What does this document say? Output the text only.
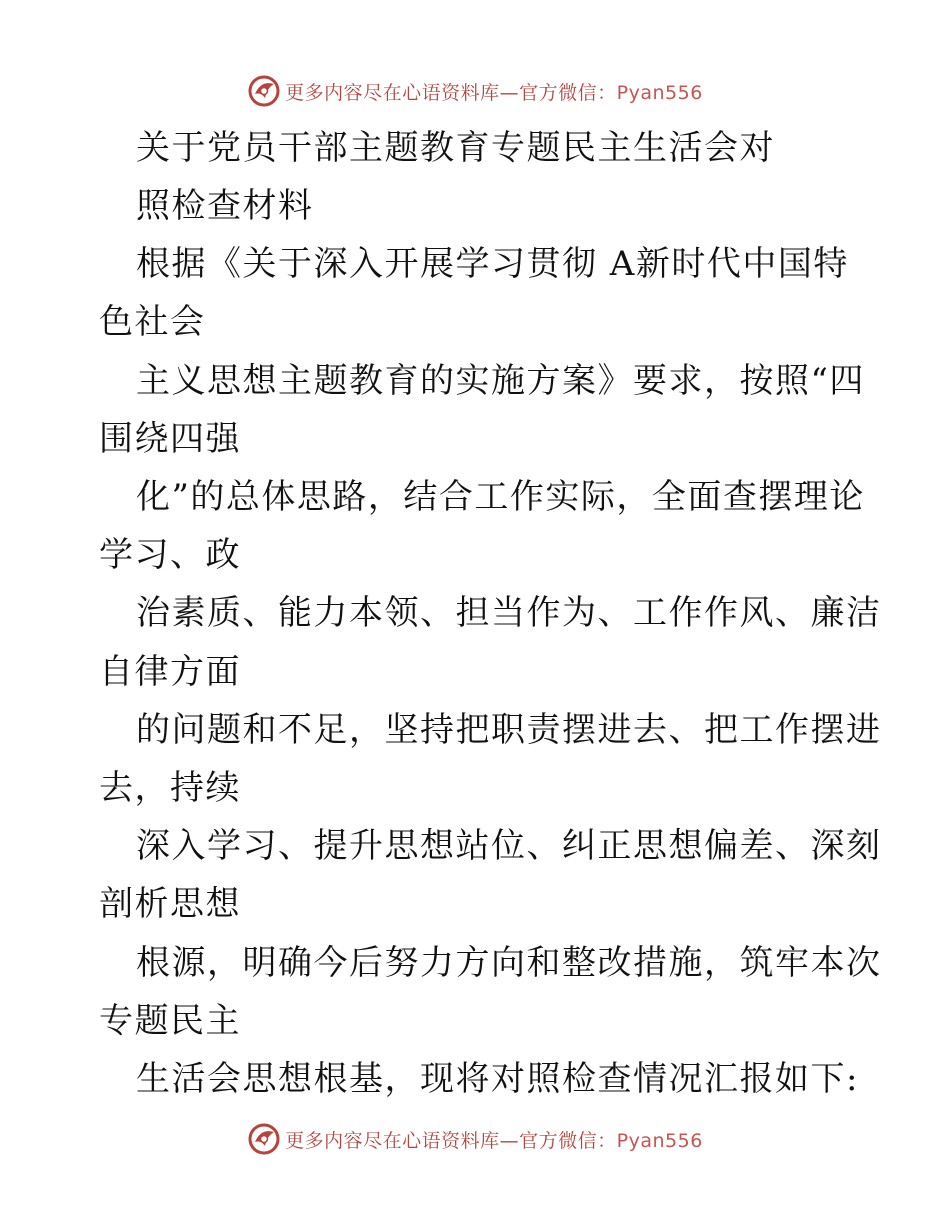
更多内容尽在心语资料库—官方微信：Pyan556
关于党员干部主题教育专题民主生活会对
照检查材料
根据《关于深入开展学习贯彻 A新时代中国特
色社会
主义思想主题教育的实施方案》要求，按照“四
围绕四强
化”的总体思路，结合工作实际，全面查摆理论
学习、政
治素质、能力本领、担当作为、工作作风、廉洁
自律方面
的问题和不足，坚持把职责摆进去、把工作摆进
去，持续
深入学习、提升思想站位、纠正思想偏差、深刻
剖析思想
根源，明确今后努力方向和整改措施，筑牢本次
专题民主
生活会思想根基，现将对照检查情况汇报如下:
更多内容尽在心语资料库—官方微信：Pyan556
